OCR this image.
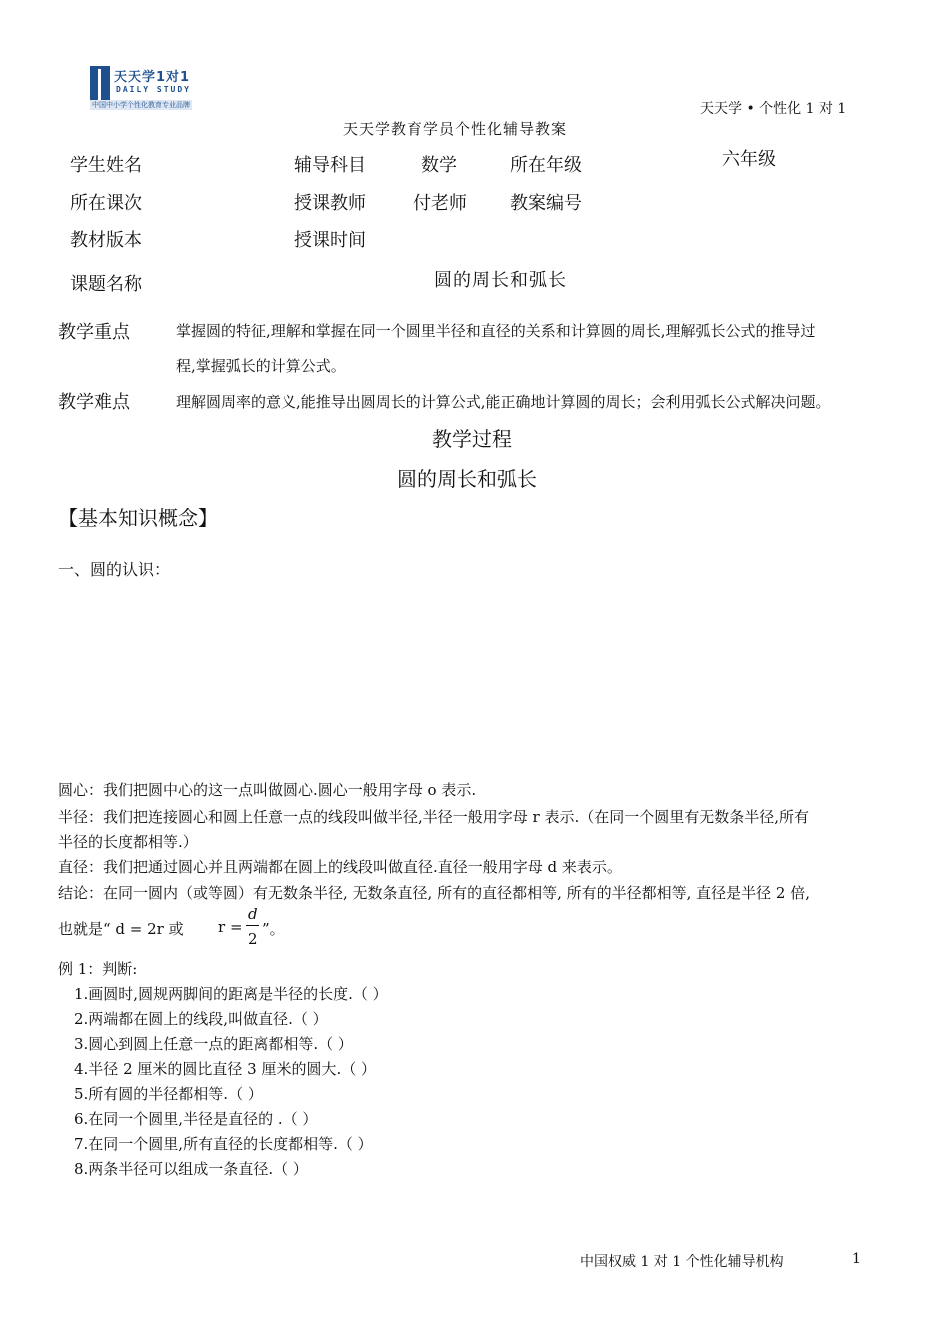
天天学1对1
DAILY STUDY
中国中小学个性化教育专业品牌	天天学 • 个性化 1 对 1
天天学教育学员个性化辅导教案
学生姓名	辅导科目	数学	所在年级	六年级
所在课次	授课教师	付老师 教案编号
教材版本	授课时间
课题名称	圆的周长和弧长
教学重点	掌握圆的特征,理解和掌握在同一个圆里半径和直径的关系和计算圆的周长,理解弧长公式的推导过
程,掌握弧长的计算公式。
教学难点	理解圆周率的意义,能推导出圆周长的计算公式,能正确地计算圆的周长；会利用弧长公式解决问题。
教学过程
圆的周长和弧长
【基本知识概念】
一、圆的认识：
圆心：我们把圆中心的这一点叫做圆心.圆心一般用字母 o 表示.
半径：我们把连接圆心和圆上任意一点的线段叫做半径,半径一般用字母 r 表示.（在同一个圆里有无数条半径,所有
半径的长度都相等.）
直径：我们把通过圆心并且两端都在圆上的线段叫做直径.直径一般用字母 d 来表示。
结论：在同一圆内（或等圆）有无数条半径, 无数条直径, 所有的直径都相等, 所有的半径都相等, 直径是半径 2 倍,
也就是“ d = 2r 或 r =
d
2
”。
例 1：判断:
1.画圆时,圆规两脚间的距离是半径的长度.（ ）
2.两端都在圆上的线段,叫做直径.（ ）
3.圆心到圆上任意一点的距离都相等.（ ）
4.半径 2 厘米的圆比直径 3 厘米的圆大.（ ）
5.所有圆的半径都相等.（ ）
6.在同一个圆里,半径是直径的 .（ ）
7.在同一个圆里,所有直径的长度都相等.（ ）
8.两条半径可以组成一条直径.（ ）
中国权威 1 对 1 个性化辅导机构	1
